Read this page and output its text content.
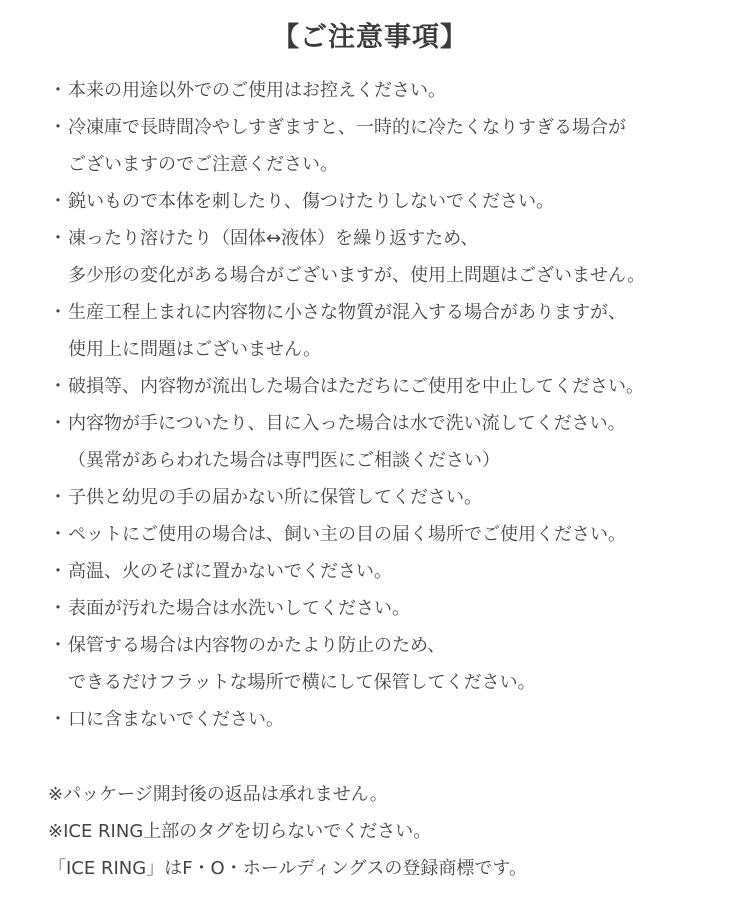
【ご注意事項】
・ 本来の用途以外でのご使用はお控えください。
・ 冷凍庫で長時間冷やしすぎますと、一時的に冷たくなりすぎる場合が
ございますのでご注意ください。
・ 鋭いもので本体を刺したり、傷つけたりしないでください。
・ 凍ったり溶けたり（固体↔液体）を繰り返すため、
多少形の変化がある場合がございますが、使用上問題はございません。
・ 生産工程上まれに内容物に小さな物質が混入する場合がありますが、
使用上に問題はございません。
・ 破損等、内容物が流出した場合はただちにご使用を中止してください。
・ 内容物が手についたり、目に入った場合は水で洗い流してください。
（異常があらわれた場合は専門医にご相談ください）
・ 子供と幼児の手の届かない所に保管してください。
・ ペットにご使用の場合は、飼い主の目の届く場所でご使用ください。
・ 高温、火のそばに置かないでください。
・ 表面が汚れた場合は水洗いしてください。
・ 保管する場合は内容物のかたより防止のため、
できるだけフラットな場所で横にして保管してください。
・ 口に含まないでください。
※パッケージ開封後の返品は承れません。
※ICE RING上部のタグを切らないでください。
「ICE RING」はF・O・ホールディングスの登録商標です。
